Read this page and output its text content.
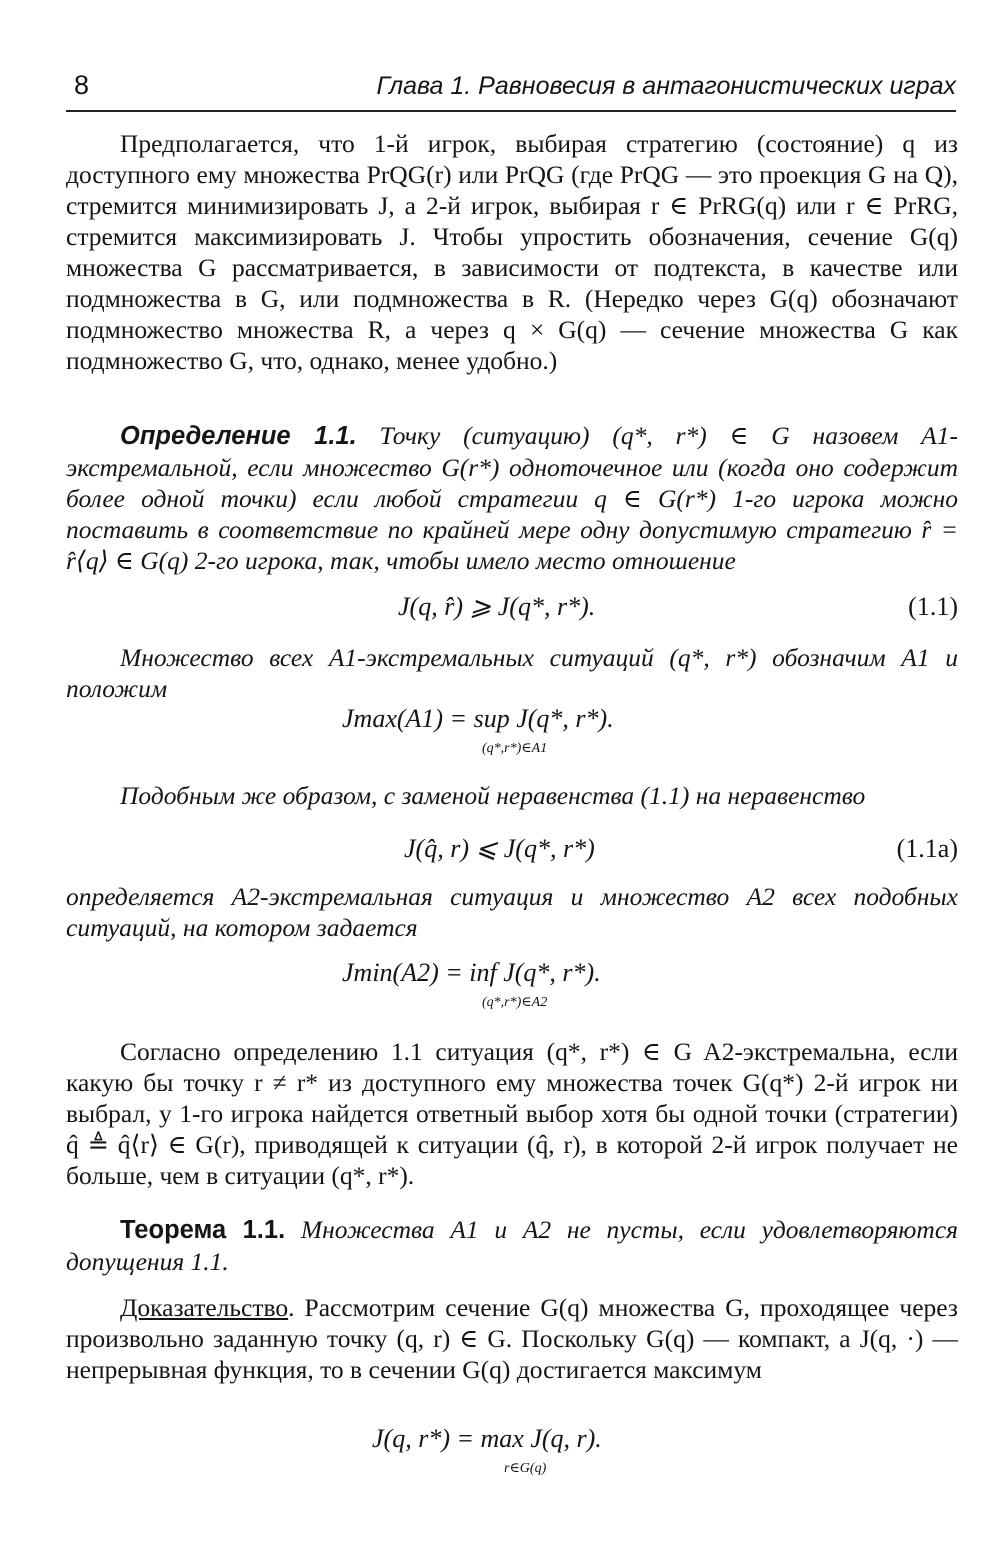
8	Глава 1. Равновесия в антагонистических играх

Предполагается, что 1-й игрок, выбирая стратегию (состояние) q из доступного ему множества PrQG(r) или PrQG (где PrQG — это проекция G на Q), стремится минимизировать J, а 2-й игрок, выбирая r ∈ PrRG(q) или r ∈ PrRG, стремится максимизировать J. Чтобы упростить обозначения, сечение G(q) множества G рассматривается, в зависимости от подтекста, в качестве или подмножества в G, или подмножества в R. (Нередко через G(q) обозначают подмножество множества R, а через q × G(q) — сечение множества G как подмножество G, что, однако, менее удобно.)

Определение 1.1. Точку (ситуацию) (q*, r*) ∈ G назовем A1-экстремальной, если множество G(r*) одноточечное или (когда оно содержит более одной точки) если любой стратегии q ∈ G(r*) 1-го игрока можно поставить в соответствие по крайней мере одну допустимую стратегию r̂ = r̂⟨q⟩ ∈ G(q) 2-го игрока, так, чтобы имело место отношение

J(q, r̂) ⩾ J(q*, r*).	(1.1)

Множество всех A1-экстремальных ситуаций (q*, r*) обозначим A1 и положим

Jmax(A1) = sup J(q*, r*).
(q*,r*)∈A1

Подобным же образом, с заменой неравенства (1.1) на неравенство

J(q̂, r) ⩽ J(q*, r*)	(1.1a)

определяется A2-экстремальная ситуация и множество A2 всех подобных ситуаций, на котором задается

Jmin(A2) = inf J(q*, r*).
(q*,r*)∈A2

Согласно определению 1.1 ситуация (q*, r*) ∈ G A2-экстремальна, если какую бы точку r ≠ r* из доступного ему множества точек G(q*) 2-й игрок ни выбрал, у 1-го игрока найдется ответный выбор хотя бы одной точки (стратегии) q̂ ≜ q̂⟨r⟩ ∈ G(r), приводящей к ситуации (q̂, r), в которой 2-й игрок получает не больше, чем в ситуации (q*, r*).

Теорема 1.1. Множества A1 и A2 не пусты, если удовлетворяются допущения 1.1.

Доказательство. Рассмотрим сечение G(q) множества G, проходящее через произвольно заданную точку (q, r) ∈ G. Поскольку G(q) — компакт, а J(q, ·) — непрерывная функция, то в сечении G(q) достигается максимум

J(q, r*) = max J(q, r).
r∈G(q)
